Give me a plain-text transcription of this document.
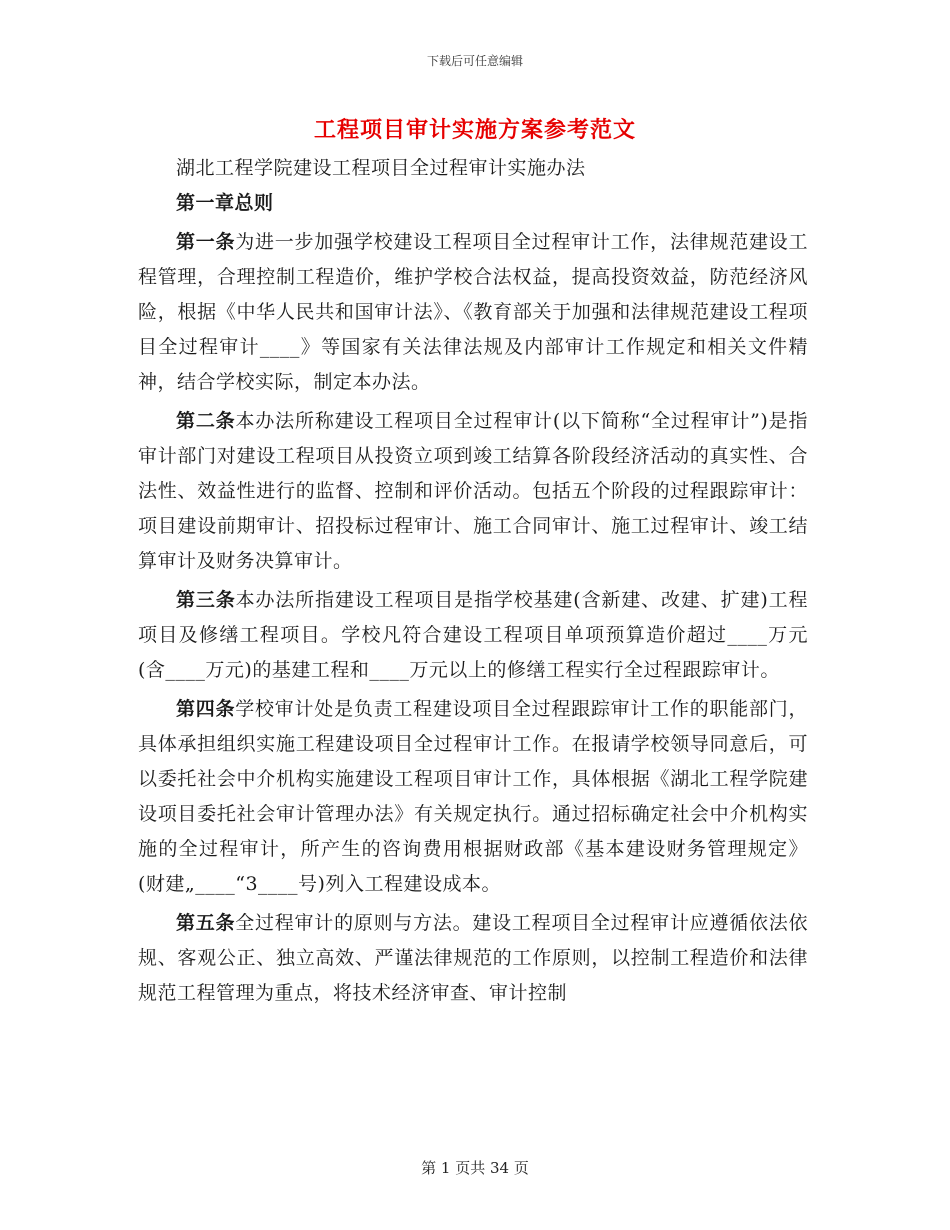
下载后可任意编辑
工程项目审计实施方案参考范文

湖北工程学院建设工程项目全过程审计实施办法

第一章总则

第一条为进一步加强学校建设工程项目全过程审计工作，法律规范建设工程管理，合理控制工程造价，维护学校合法权益，提高投资效益，防范经济风险，根据《中华人民共和国审计法》、《教育部关于加强和法律规范建设工程项目全过程审计____》等国家有关法律法规及内部审计工作规定和相关文件精神，结合学校实际，制定本办法。

第二条本办法所称建设工程项目全过程审计(以下简称“全过程审计”)是指审计部门对建设工程项目从投资立项到竣工结算各阶段经济活动的真实性、合法性、效益性进行的监督、控制和评价活动。包括五个阶段的过程跟踪审计：项目建设前期审计、招投标过程审计、施工合同审计、施工过程审计、竣工结算审计及财务决算审计。

第三条本办法所指建设工程项目是指学校基建(含新建、改建、扩建)工程项目及修缮工程项目。学校凡符合建设工程项目单项预算造价超过____万元(含____万元)的基建工程和____万元以上的修缮工程实行全过程跟踪审计。

第四条学校审计处是负责工程建设项目全过程跟踪审计工作的职能部门，具体承担组织实施工程建设项目全过程审计工作。在报请学校领导同意后，可以委托社会中介机构实施建设工程项目审计工作，具体根据《湖北工程学院建设项目委托社会审计管理办法》有关规定执行。通过招标确定社会中介机构实施的全过程审计，所产生的咨询费用根据财政部《基本建设财务管理规定》(财建„____“3____号)列入工程建设成本。

第五条全过程审计的原则与方法。建设工程项目全过程审计应遵循依法依规、客观公正、独立高效、严谨法律规范的工作原则，以控制工程造价和法律规范工程管理为重点，将技术经济审查、审计控制

第 1 页共 34 页
